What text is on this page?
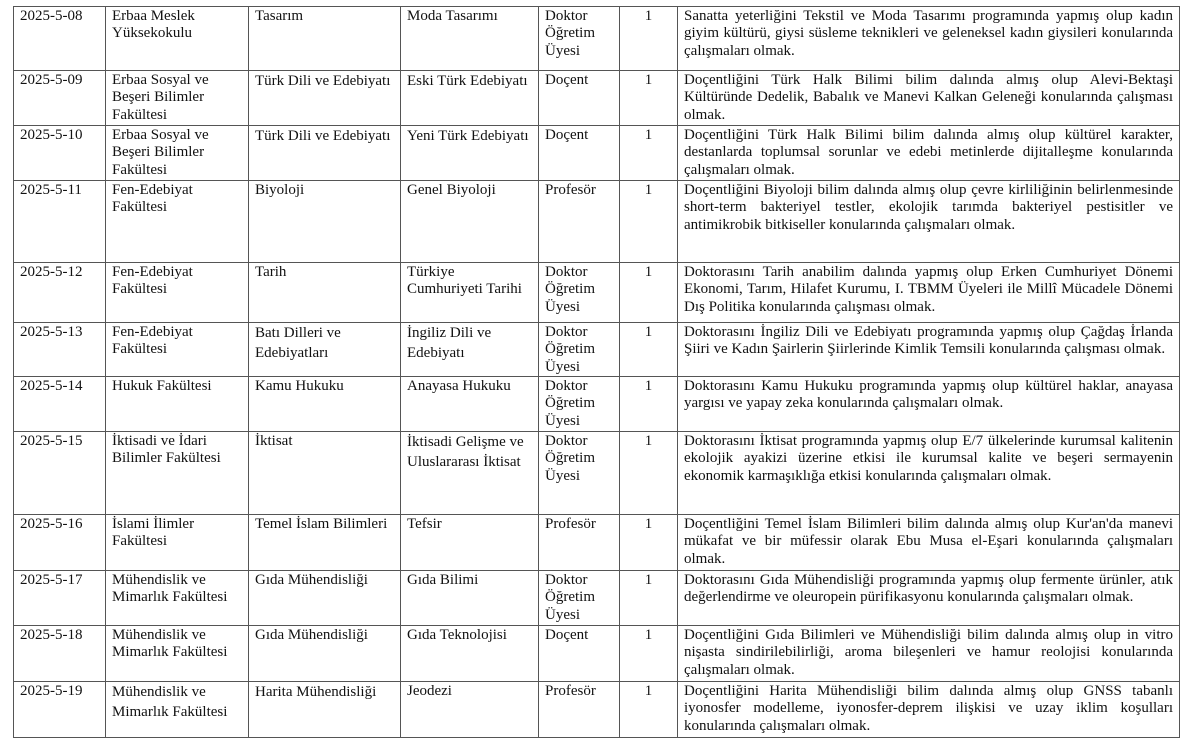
2025-5-08	Erbaa Meslek Yüksekokulu	Tasarım	Moda Tasarımı	Doktor Öğretim Üyesi	1	Sanatta yeterliğini Tekstil ve Moda Tasarımı programında yapmış olup kadın giyim kültürü, giysi süsleme teknikleri ve geleneksel kadın giysileri konularında çalışmaları olmak.
2025-5-09	Erbaa Sosyal ve Beşeri Bilimler Fakültesi	Türk Dili ve Edebiyatı	Eski Türk Edebiyatı	Doçent	1	Doçentliğini Türk Halk Bilimi bilim dalında almış olup Alevi-Bektaşi Kültüründe Dedelik, Babalık ve Manevi Kalkan Geleneği konularında çalışması olmak.
2025-5-10	Erbaa Sosyal ve Beşeri Bilimler Fakültesi	Türk Dili ve Edebiyatı	Yeni Türk Edebiyatı	Doçent	1	Doçentliğini Türk Halk Bilimi bilim dalında almış olup kültürel karakter, destanlarda toplumsal sorunlar ve edebi metinlerde dijitalleşme konularında çalışmaları olmak.
2025-5-11	Fen-Edebiyat Fakültesi	Biyoloji	Genel Biyoloji	Profesör	1	Doçentliğini Biyoloji bilim dalında almış olup çevre kirliliğinin belirlenmesinde short-term bakteriyel testler, ekolojik tarımda bakteriyel pestisitler ve antimikrobik bitkiseller konularında çalışmaları olmak.
2025-5-12	Fen-Edebiyat Fakültesi	Tarih	Türkiye Cumhuriyeti Tarihi	Doktor Öğretim Üyesi	1	Doktorasını Tarih anabilim dalında yapmış olup Erken Cumhuriyet Dönemi Ekonomi, Tarım, Hilafet Kurumu, I. TBMM Üyeleri ile Millî Mücadele Dönemi Dış Politika konularında çalışması olmak.
2025-5-13	Fen-Edebiyat Fakültesi	Batı Dilleri ve Edebiyatları	İngiliz Dili ve Edebiyatı	Doktor Öğretim Üyesi	1	Doktorasını İngiliz Dili ve Edebiyatı programında yapmış olup Çağdaş İrlanda Şiiri ve Kadın Şairlerin Şiirlerinde Kimlik Temsili konularında çalışması olmak.
2025-5-14	Hukuk Fakültesi	Kamu Hukuku	Anayasa Hukuku	Doktor Öğretim Üyesi	1	Doktorasını Kamu Hukuku programında yapmış olup kültürel haklar, anayasa yargısı ve yapay zeka konularında çalışmaları olmak.
2025-5-15	İktisadi ve İdari Bilimler Fakültesi	İktisat	İktisadi Gelişme ve Uluslararası İktisat	Doktor Öğretim Üyesi	1	Doktorasını İktisat programında yapmış olup E/7 ülkelerinde kurumsal kalitenin ekolojik ayakizi üzerine etkisi ile kurumsal kalite ve beşeri sermayenin ekonomik karmaşıklığa etkisi konularında çalışmaları olmak.
2025-5-16	İslami İlimler Fakültesi	Temel İslam Bilimleri	Tefsir	Profesör	1	Doçentliğini Temel İslam Bilimleri bilim dalında almış olup Kur'an'da manevi mükafat ve bir müfessir olarak Ebu Musa el-Eşari konularında çalışmaları olmak.
2025-5-17	Mühendislik ve Mimarlık Fakültesi	Gıda Mühendisliği	Gıda Bilimi	Doktor Öğretim Üyesi	1	Doktorasını Gıda Mühendisliği programında yapmış olup fermente ürünler, atık değerlendirme ve oleuropein pürifikasyonu konularında çalışmaları olmak.
2025-5-18	Mühendislik ve Mimarlık Fakültesi	Gıda Mühendisliği	Gıda Teknolojisi	Doçent	1	Doçentliğini Gıda Bilimleri ve Mühendisliği bilim dalında almış olup in vitro nişasta sindirilebilirliği, aroma bileşenleri ve hamur reolojisi konularında çalışmaları olmak.
2025-5-19	Mühendislik ve Mimarlık Fakültesi	Harita Mühendisliği	Jeodezi	Profesör	1	Doçentliğini Harita Mühendisliği bilim dalında almış olup GNSS tabanlı iyonosfer modelleme, iyonosfer-deprem ilişkisi ve uzay iklim koşulları konularında çalışmaları olmak.
